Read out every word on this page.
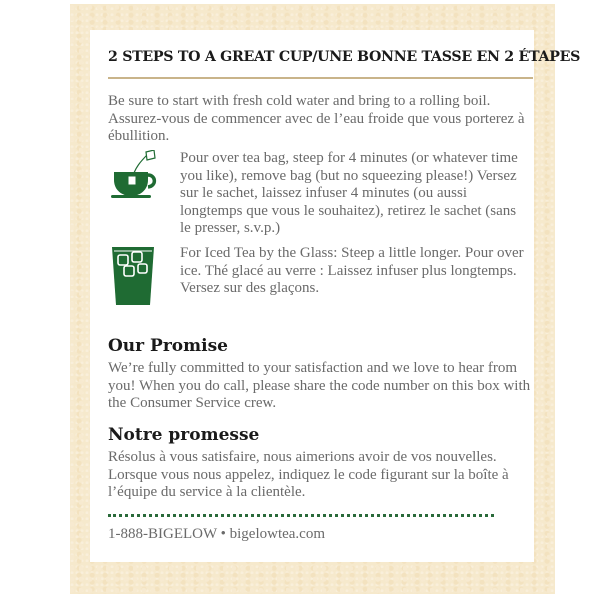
2 STEPS TO A GREAT CUP/UNE BONNE TASSE EN 2 ÉTAPES
Be sure to start with fresh cold water and bring to a rolling boil. Assurez-vous de commencer avec de l’eau froide que vous porterez à ébullition.
Pour over tea bag, steep for 4 minutes (or whatever time you like), remove bag (but no squeezing please!) Versez sur le sachet, laissez infuser 4 minutes (ou aussi longtemps que vous le souhaitez), retirez le sachet (sans le presser, s.v.p.)
For Iced Tea by the Glass: Steep a little longer. Pour over ice. Thé glacé au verre : Laissez infuser plus longtemps. Versez sur des glaçons.
Our Promise
We’re fully committed to your satisfaction and we love to hear from you! When you do call, please share the code number on this box with the Consumer Service crew.
Notre promesse
Résolus à vous satisfaire, nous aimerions avoir de vos nouvelles. Lorsque vous nous appelez, indiquez le code figurant sur la boîte à l’équipe du service à la clientèle.
1-888-BIGELOW • bigelowtea.com
